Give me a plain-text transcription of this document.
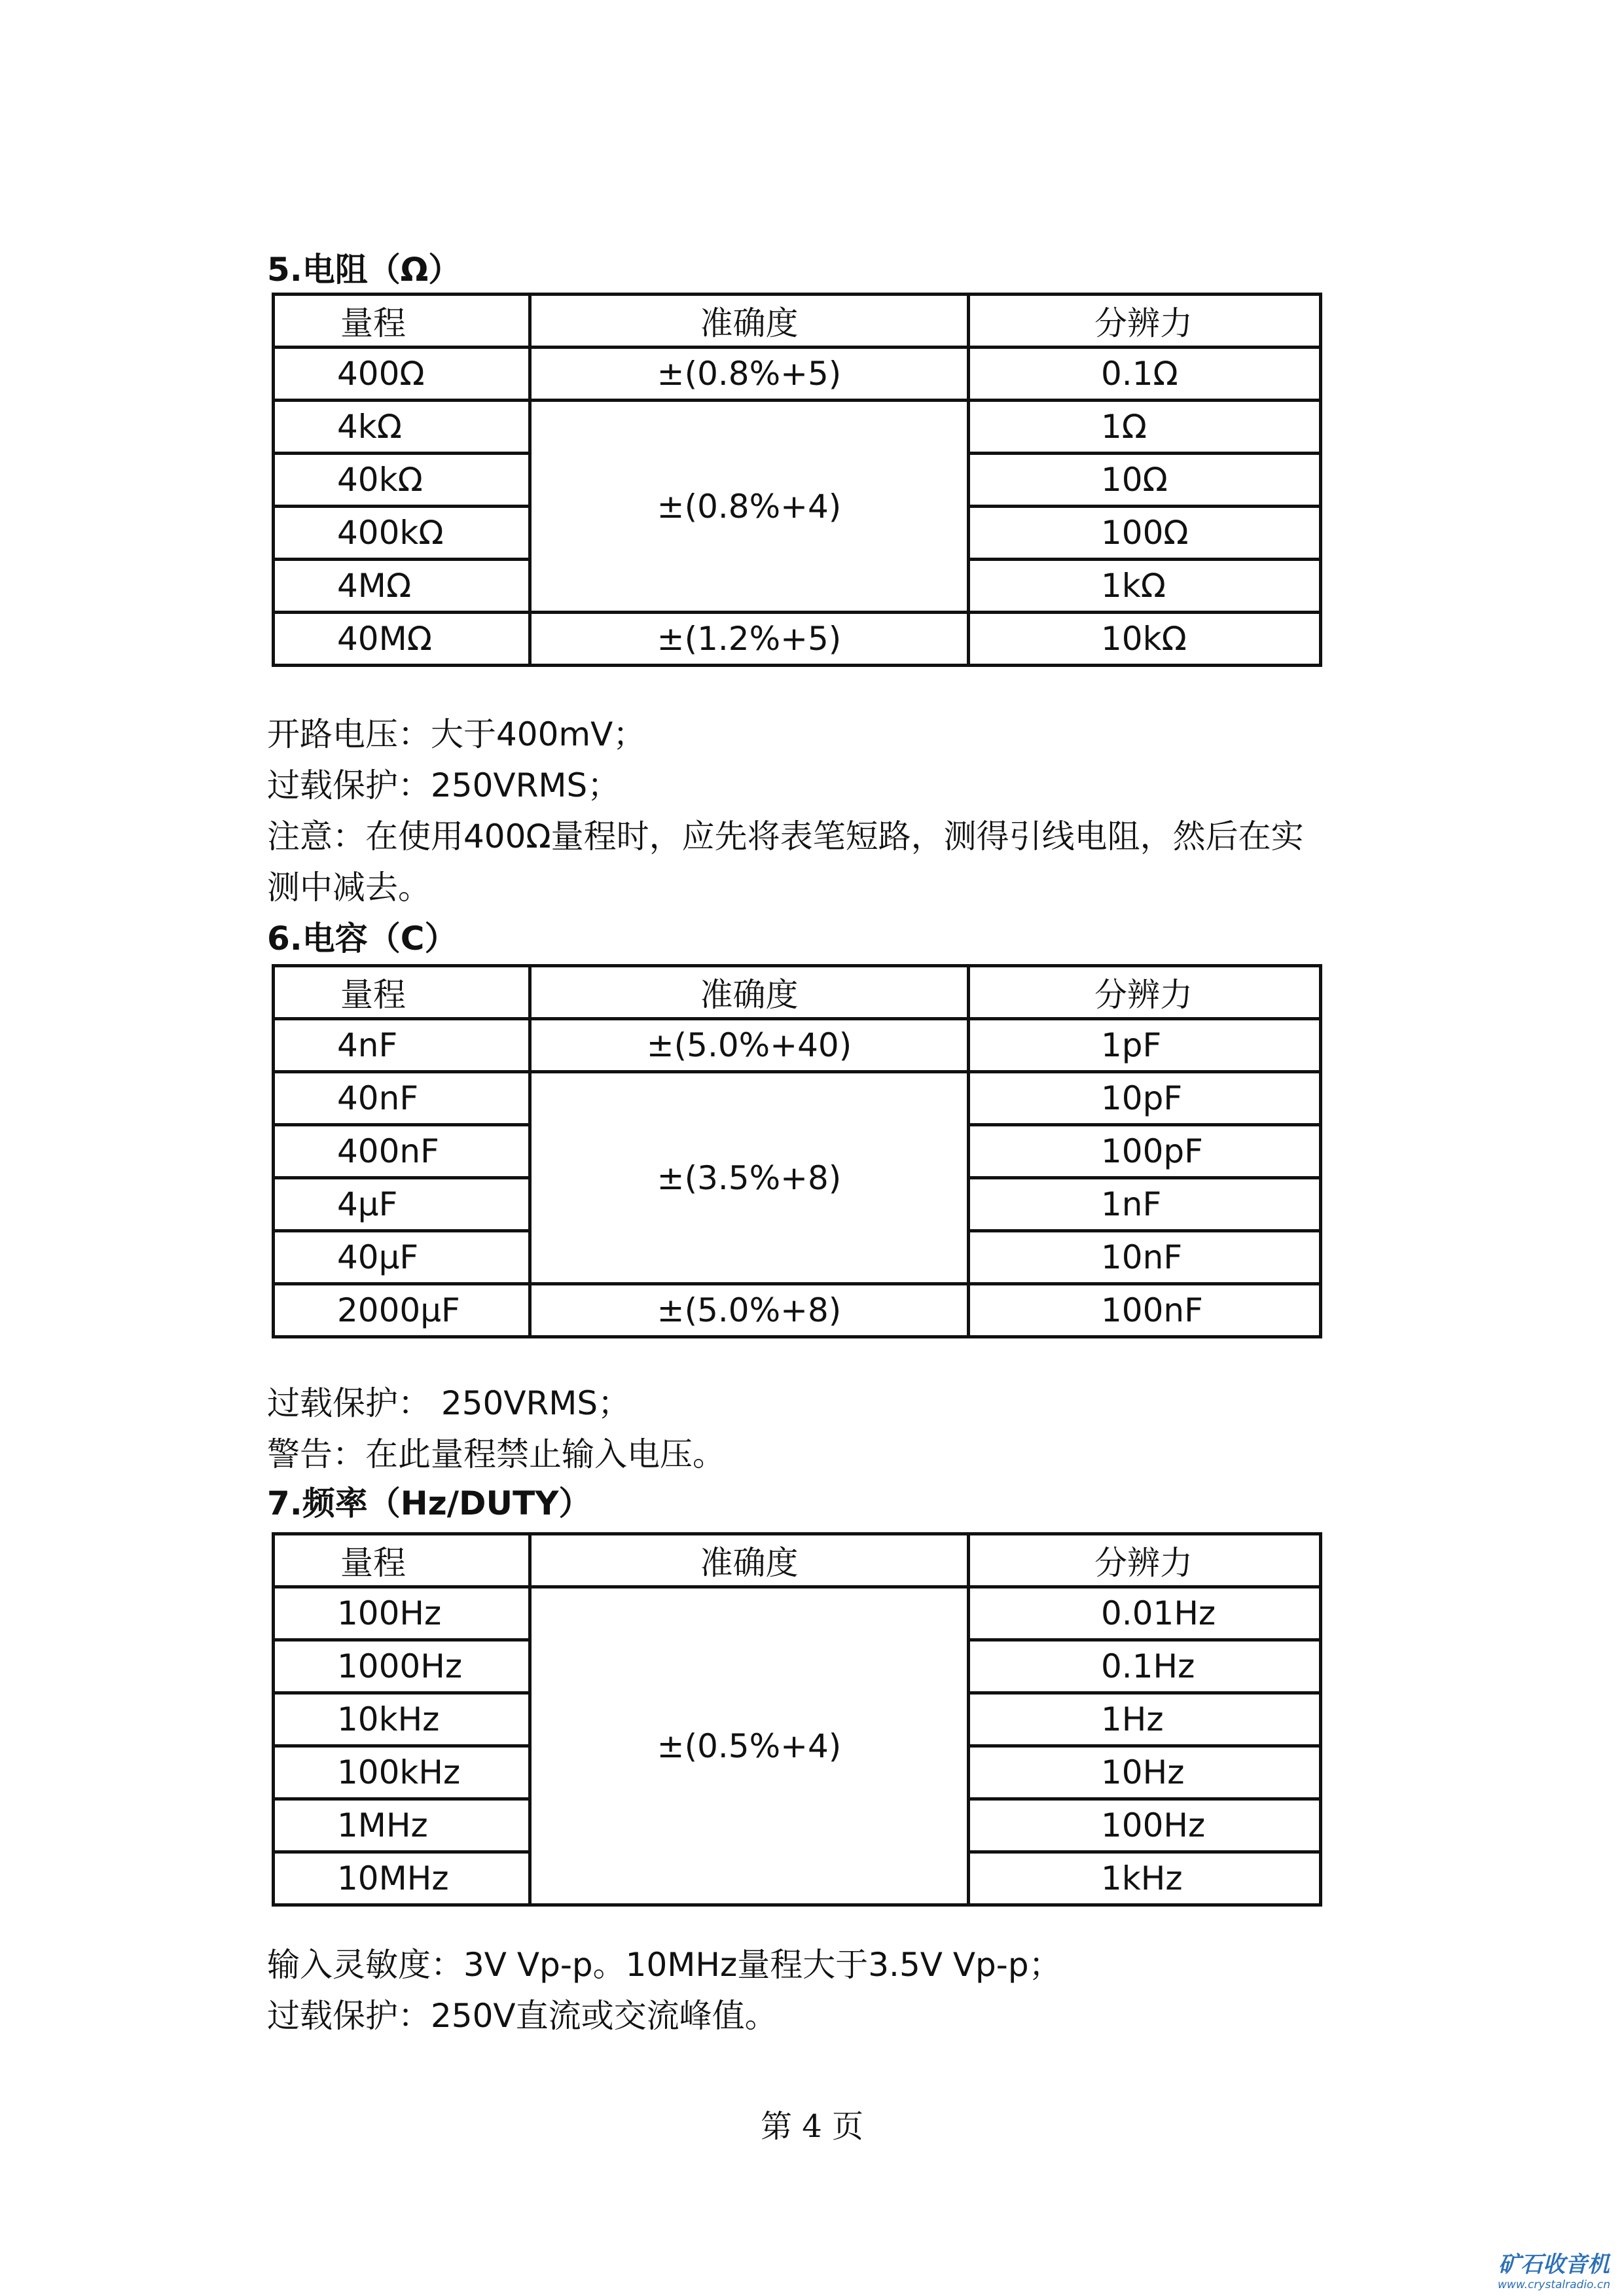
5.电阻（Ω）
量程	准确度	分辨力
400Ω	±(0.8%+5)	0.1Ω
4kΩ	±(0.8%+4)	1Ω
40kΩ		10Ω
400kΩ		100Ω
4MΩ		1kΩ
40MΩ	±(1.2%+5)	10kΩ

开路电压：大于400mV；

过载保护：250VRMS；

注意：在使用400Ω量程时，应先将表笔短路，测得引线电阻，然后在实

测中减去。

6.电容（C）
量程	准确度	分辨力
4nF	±(5.0%+40)	1pF
40nF	±(3.5%+8)	10pF
400nF		100pF
4μF		1nF
40μF		10nF
2000μF	±(5.0%+8)	100nF

过载保护： 250VRMS；

警告：在此量程禁止输入电压。

7.频率（Hz/DUTY）
量程	准确度	分辨力
100Hz	±(0.5%+4)	0.01Hz
1000Hz		0.1Hz
10kHz		1Hz
100kHz		10Hz
1MHz		100Hz
10MHz		1kHz

输入灵敏度：3V Vp-p。10MHz量程大于3.5V Vp-p；

过载保护：250V直流或交流峰值。

第 4 页
矿石收音机
www.crystalradio.cn
